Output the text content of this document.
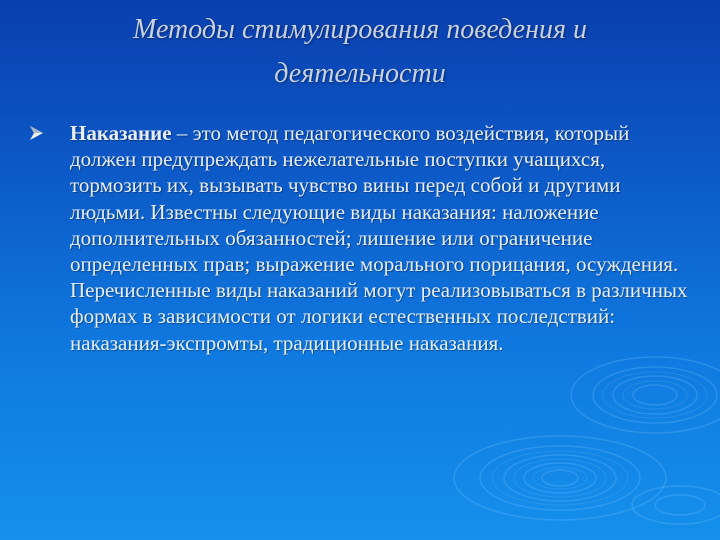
Методы стимулирования поведения и
деятельности
Наказание – это метод педагогического воздействия, который должен предупреждать нежелательные поступки учащихся, тормозить их, вызывать чувство вины перед собой и другими людьми. Известны следующие виды наказания: наложение дополнительных обязанностей; лишение или ограничение определенных прав; выражение морального порицания, осуждения. Перечисленные виды наказаний могут реализовываться в различных формах в зависимости от логики естественных последствий: наказания-экспромты, традиционные наказания.
